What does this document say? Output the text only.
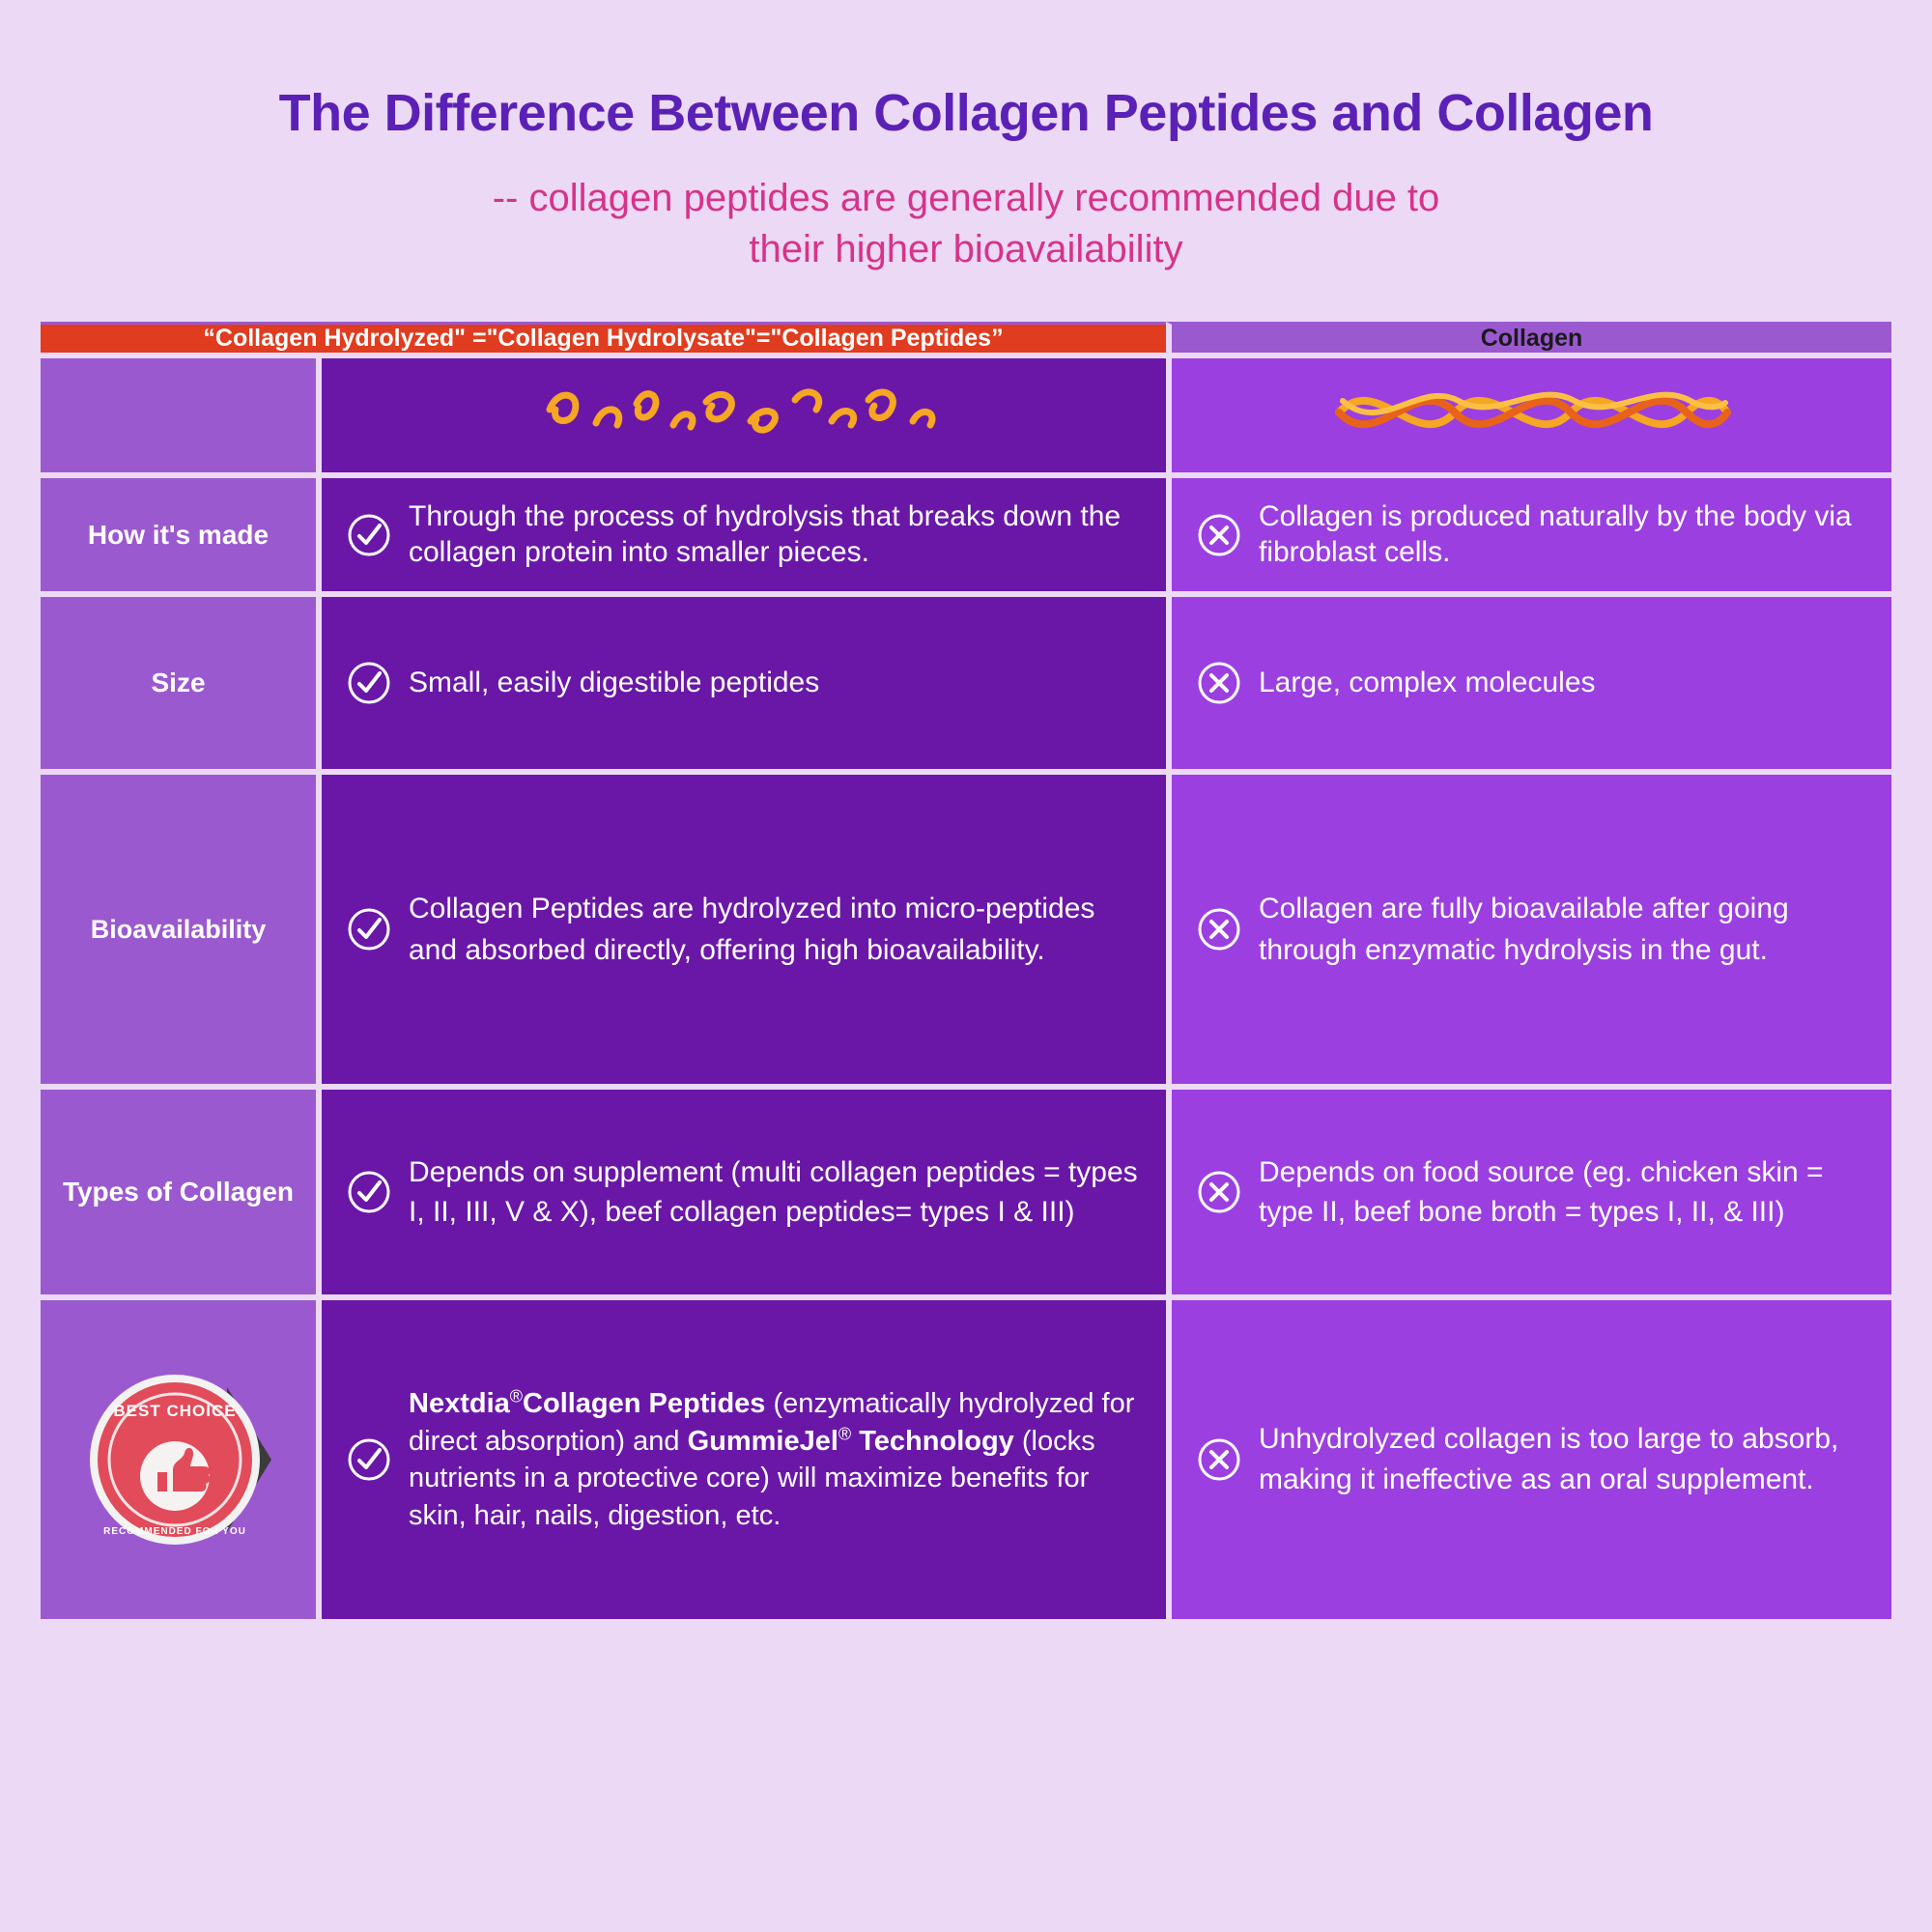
The Difference Between Collagen Peptides and Collagen
-- collagen peptides are generally recommended due to
their higher bioavailability
“Collagen Hydrolyzed" ="Collagen Hydrolysate"="Collagen Peptides”		Collagen

How it's made	Through the process of hydrolysis that breaks down the collagen protein into smaller pieces.	Collagen is produced naturally by the body via fibroblast cells.

Size	Small, easily digestible peptides	Large, complex molecules

Bioavailability	Collagen Peptides are hydrolyzed into micro-peptides and absorbed directly, offering high bioavailability.	Collagen are fully bioavailable after going through enzymatic hydrolysis in the gut.

Types of Collagen	Depends on supplement (multi collagen peptides = types I, II, III, V & X), beef collagen peptides= types I & III)	Depends on food source (eg. chicken skin = type II, beef bone broth = types I, II, & III)

BEST CHOICE
RECOMMENDED FOR YOU	Nextdia®Collagen Peptides (enzymatically hydrolyzed for direct absorption) and GummieJel® Technology (locks nutrients in a protective core) will maximize benefits for skin, hair, nails, digestion, etc.	Unhydrolyzed collagen is too large to absorb, making it ineffective as an oral supplement.
